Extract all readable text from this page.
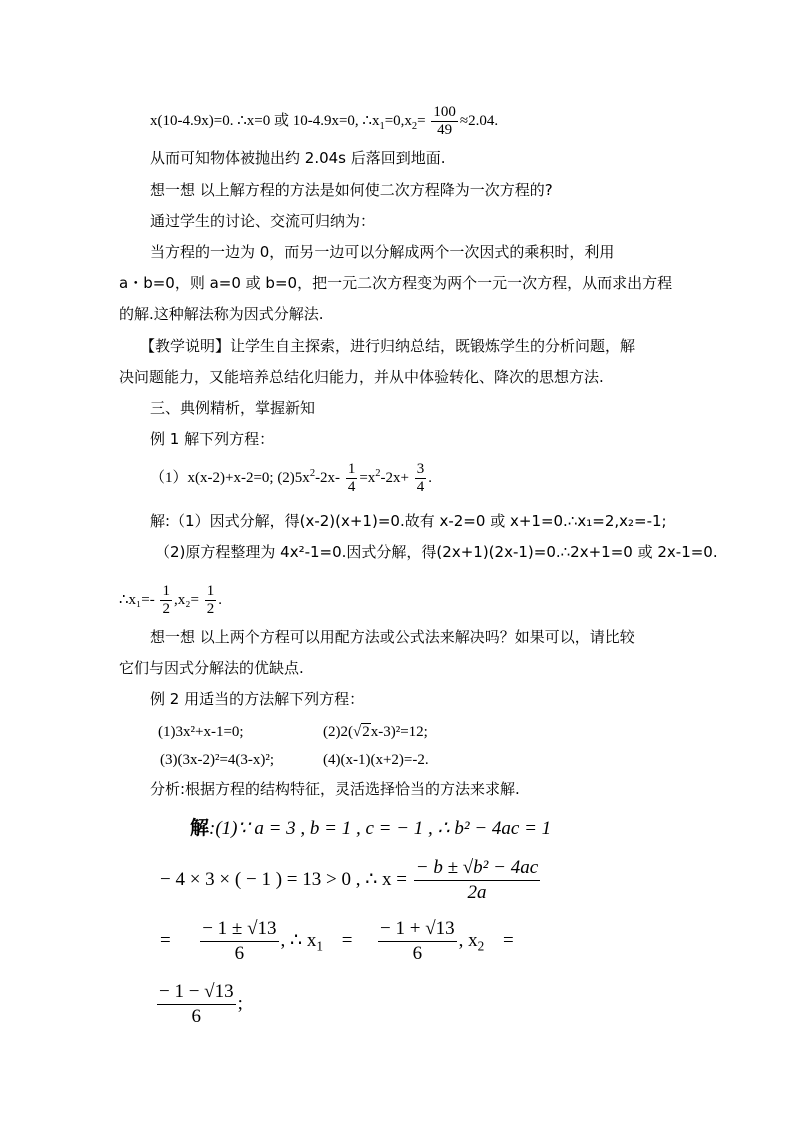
x(10-4.9x)=0. ∴x=0 或 10-4.9x=0, $\therefore x_1=0,x_2= \frac{100}{49} \approx 2.04$.
从而可知物体被抛出约 2.04s 后落回到地面.
想一想 以上解方程的方法是如何使二次方程降为一次方程的?
通过学生的讨论、交流可归纳为：
当方程的一边为 0，而另一边可以分解成两个一次因式的乘积时，利用
a・b=0，则 a=0 或 b=0，把一元二次方程变为两个一元一次方程，从而求出方程
的解.这种解法称为因式分解法.
【教学说明】让学生自主探索，进行归纳总结，既锻炼学生的分析问题，解
决问题能力，又能培养总结化归能力，并从中体验转化、降次的思想方法.
三、典例精析，掌握新知
例 1 解下列方程：
（1）x(x-2)+x-2=0; $(2)5x^2-2x- \frac{1}{4} =x^2-2x+ \frac{3}{4}$ .
解:（1）因式分解，得(x-2)(x+1)=0.故有 x-2=0 或 x+1=0.∴x₁=2,x₂=-1;
（2)原方程整理为 4x²-1=0.因式分解，得(2x+1)(2x-1)=0.∴2x+1=0 或 2x-1=0.
∴x₁=- $\frac{1}{2} ,x_2= \frac{1}{2}$ .
想一想 以上两个方程可以用配方法或公式法来解决吗？如果可以，请比较
它们与因式分解法的优缺点.
例 2 用适当的方法解下列方程：
(1)3x²+x-1=0;	(2)2(√2x-3)²=12;
(3)(3x-2)²=4(3-x)²;	(4)(x-1)(x+2)=-2.
分析:根据方程的结构特征，灵活选择恰当的方法来求解.
解:(1)∵ a = 3 , b = 1 , c = − 1 , ∴ b² − 4ac = 1
− 4 × 3 × ( − 1 ) = 13 > 0 , ∴ $x = \frac{\text{− b ± √b² − 4ac}}{2a}$
= $\frac{- 1 \pm √13}{6}$ , ∴ $x_1 = \frac{- 1 + √13}{6}$ , $x_2$ =
$\frac{- 1 - √13}{6}$ ;
